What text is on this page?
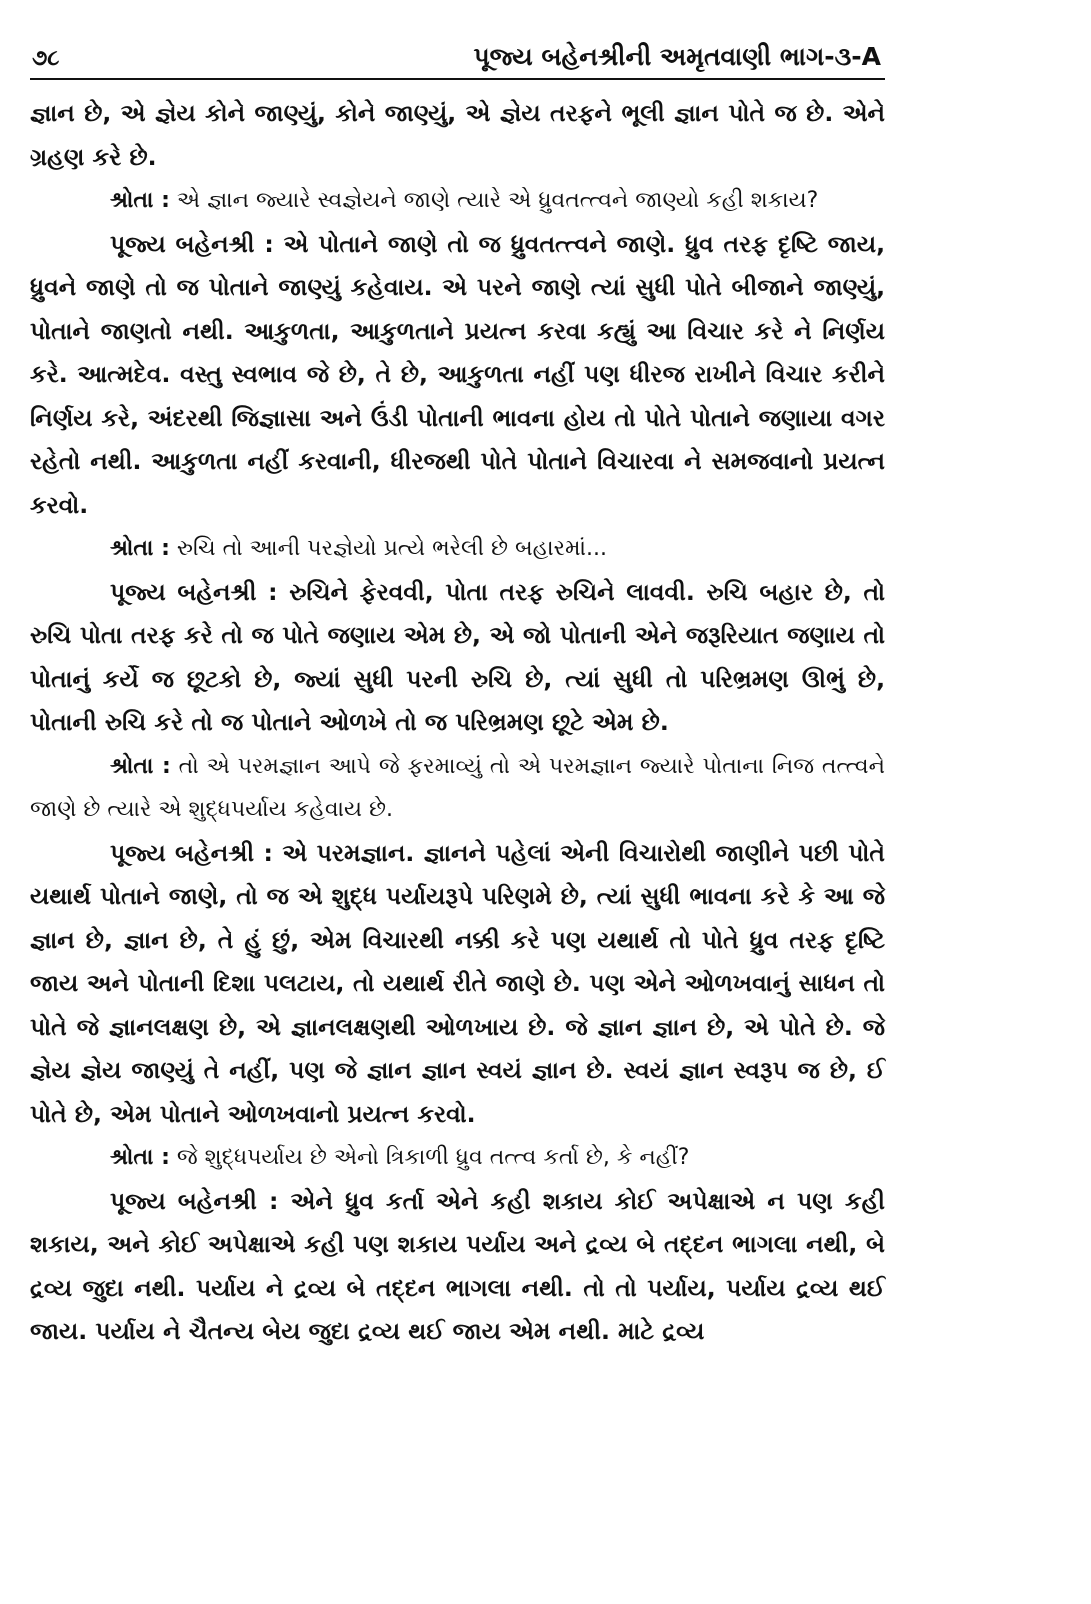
૭૮	પૂજ્ય બહેનશ્રીની અમૃતવાણી ભાગ-૩-A

જ્ઞાન છે, એ જ્ઞેય કોને જાણ્યું, કોને જાણ્યું, એ જ્ઞેય તરફને ભૂલી જ્ઞાન પોતે જ છે. એને ગ્રહણ કરે છે.

શ્રોતા : એ જ્ઞાન જ્યારે સ્વજ્ઞેયને જાણે ત્યારે એ ધ્રુવતત્ત્વને જાણ્યો કહી શકાય?

પૂજ્ય બહેનશ્રી : એ પોતાને જાણે તો જ ધ્રુવતત્ત્વને જાણે. ધ્રુવ તરફ દૃષ્ટિ જાય, ધ્રુવને જાણે તો જ પોતાને જાણ્યું કહેવાય. એ પરને જાણે ત્યાં સુધી પોતે બીજાને જાણ્યું, પોતાને જાણતો નથી. આકુળતા, આકુળતાને પ્રયત્ન કરવા કહ્યું આ વિચાર કરે ને નિર્ણય કરે. આત્મદેવ. વસ્તુ સ્વભાવ જે છે, તે છે, આકુળતા નહીં પણ ધીરજ રાખીને વિચાર કરીને નિર્ણય કરે, અંદરથી જિજ્ઞાસા અને ઉંડી પોતાની ભાવના હોય તો પોતે પોતાને જણાયા વગર રહેતો નથી. આકુળતા નહીં કરવાની, ધીરજથી પોતે પોતાને વિચારવા ને સમજવાનો પ્રયત્ન કરવો.

શ્રોતા : રુચિ તો આની પરજ્ઞેયો પ્રત્યે ભરેલી છે બહારમાં...

પૂજ્ય બહેનશ્રી : રુચિને ફેરવવી, પોતા તરફ રુચિને લાવવી. રુચિ બહાર છે, તો રુચિ પોતા તરફ કરે તો જ પોતે જણાય એમ છે, એ જો પોતાની એને જરૂરિયાત જણાય તો પોતાનું કર્યે જ છૂટકો છે, જ્યાં સુધી પરની રુચિ છે, ત્યાં સુધી તો પરિભ્રમણ ઊભું છે, પોતાની રુચિ કરે તો જ પોતાને ઓળખે તો જ પરિભ્રમણ છૂટે એમ છે.

શ્રોતા : તો એ પરમજ્ઞાન આપે જે ફરમાવ્યું તો એ પરમજ્ઞાન જ્યારે પોતાના નિજ તત્ત્વને જાણે છે ત્યારે એ શુદ્ધપર્યાય કહેવાય છે.

પૂજ્ય બહેનશ્રી : એ પરમજ્ઞાન. જ્ઞાનને પહેલાં એની વિચારોથી જાણીને પછી પોતે યથાર્થ પોતાને જાણે, તો જ એ શુદ્ધ પર્યાયરૂપે પરિણમે છે, ત્યાં સુધી ભાવના કરે કે આ જે જ્ઞાન છે, જ્ઞાન છે, તે હું છું, એમ વિચારથી નક્કી કરે પણ યથાર્થ તો પોતે ધ્રુવ તરફ દૃષ્ટિ જાય અને પોતાની દિશા પલટાય, તો યથાર્થ રીતે જાણે છે. પણ એને ઓળખવાનું સાધન તો પોતે જે જ્ઞાનલક્ષણ છે, એ જ્ઞાનલક્ષણથી ઓળખાય છે. જે જ્ઞાન જ્ઞાન છે, એ પોતે છે. જે જ્ઞેય જ્ઞેય જાણ્યું તે નહીં, પણ જે જ્ઞાન જ્ઞાન સ્વયં જ્ઞાન છે. સ્વયં જ્ઞાન સ્વરૂપ જ છે, ઈ પોતે છે, એમ પોતાને ઓળખવાનો પ્રયત્ન કરવો.

શ્રોતા : જે શુદ્ધપર્યાય છે એનો ત્રિકાળી ધ્રુવ તત્ત્વ કર્તા છે, કે નહીં?

પૂજ્ય બહેનશ્રી : એને ધ્રુવ કર્તા એને કહી શકાય કોઈ અપેક્ષાએ ન પણ કહી શકાય, અને કોઈ અપેક્ષાએ કહી પણ શકાય પર્યાય અને દ્રવ્ય બે તદ્દન ભાગલા નથી, બે દ્રવ્ય જુદા નથી. પર્યાય ને દ્રવ્ય બે તદ્દન ભાગલા નથી. તો તો પર્યાય, પર્યાય દ્રવ્ય થઈ જાય. પર્યાય ને ચૈતન્ય બેય જુદા દ્રવ્ય થઈ જાય એમ નથી. માટે દ્રવ્ય
